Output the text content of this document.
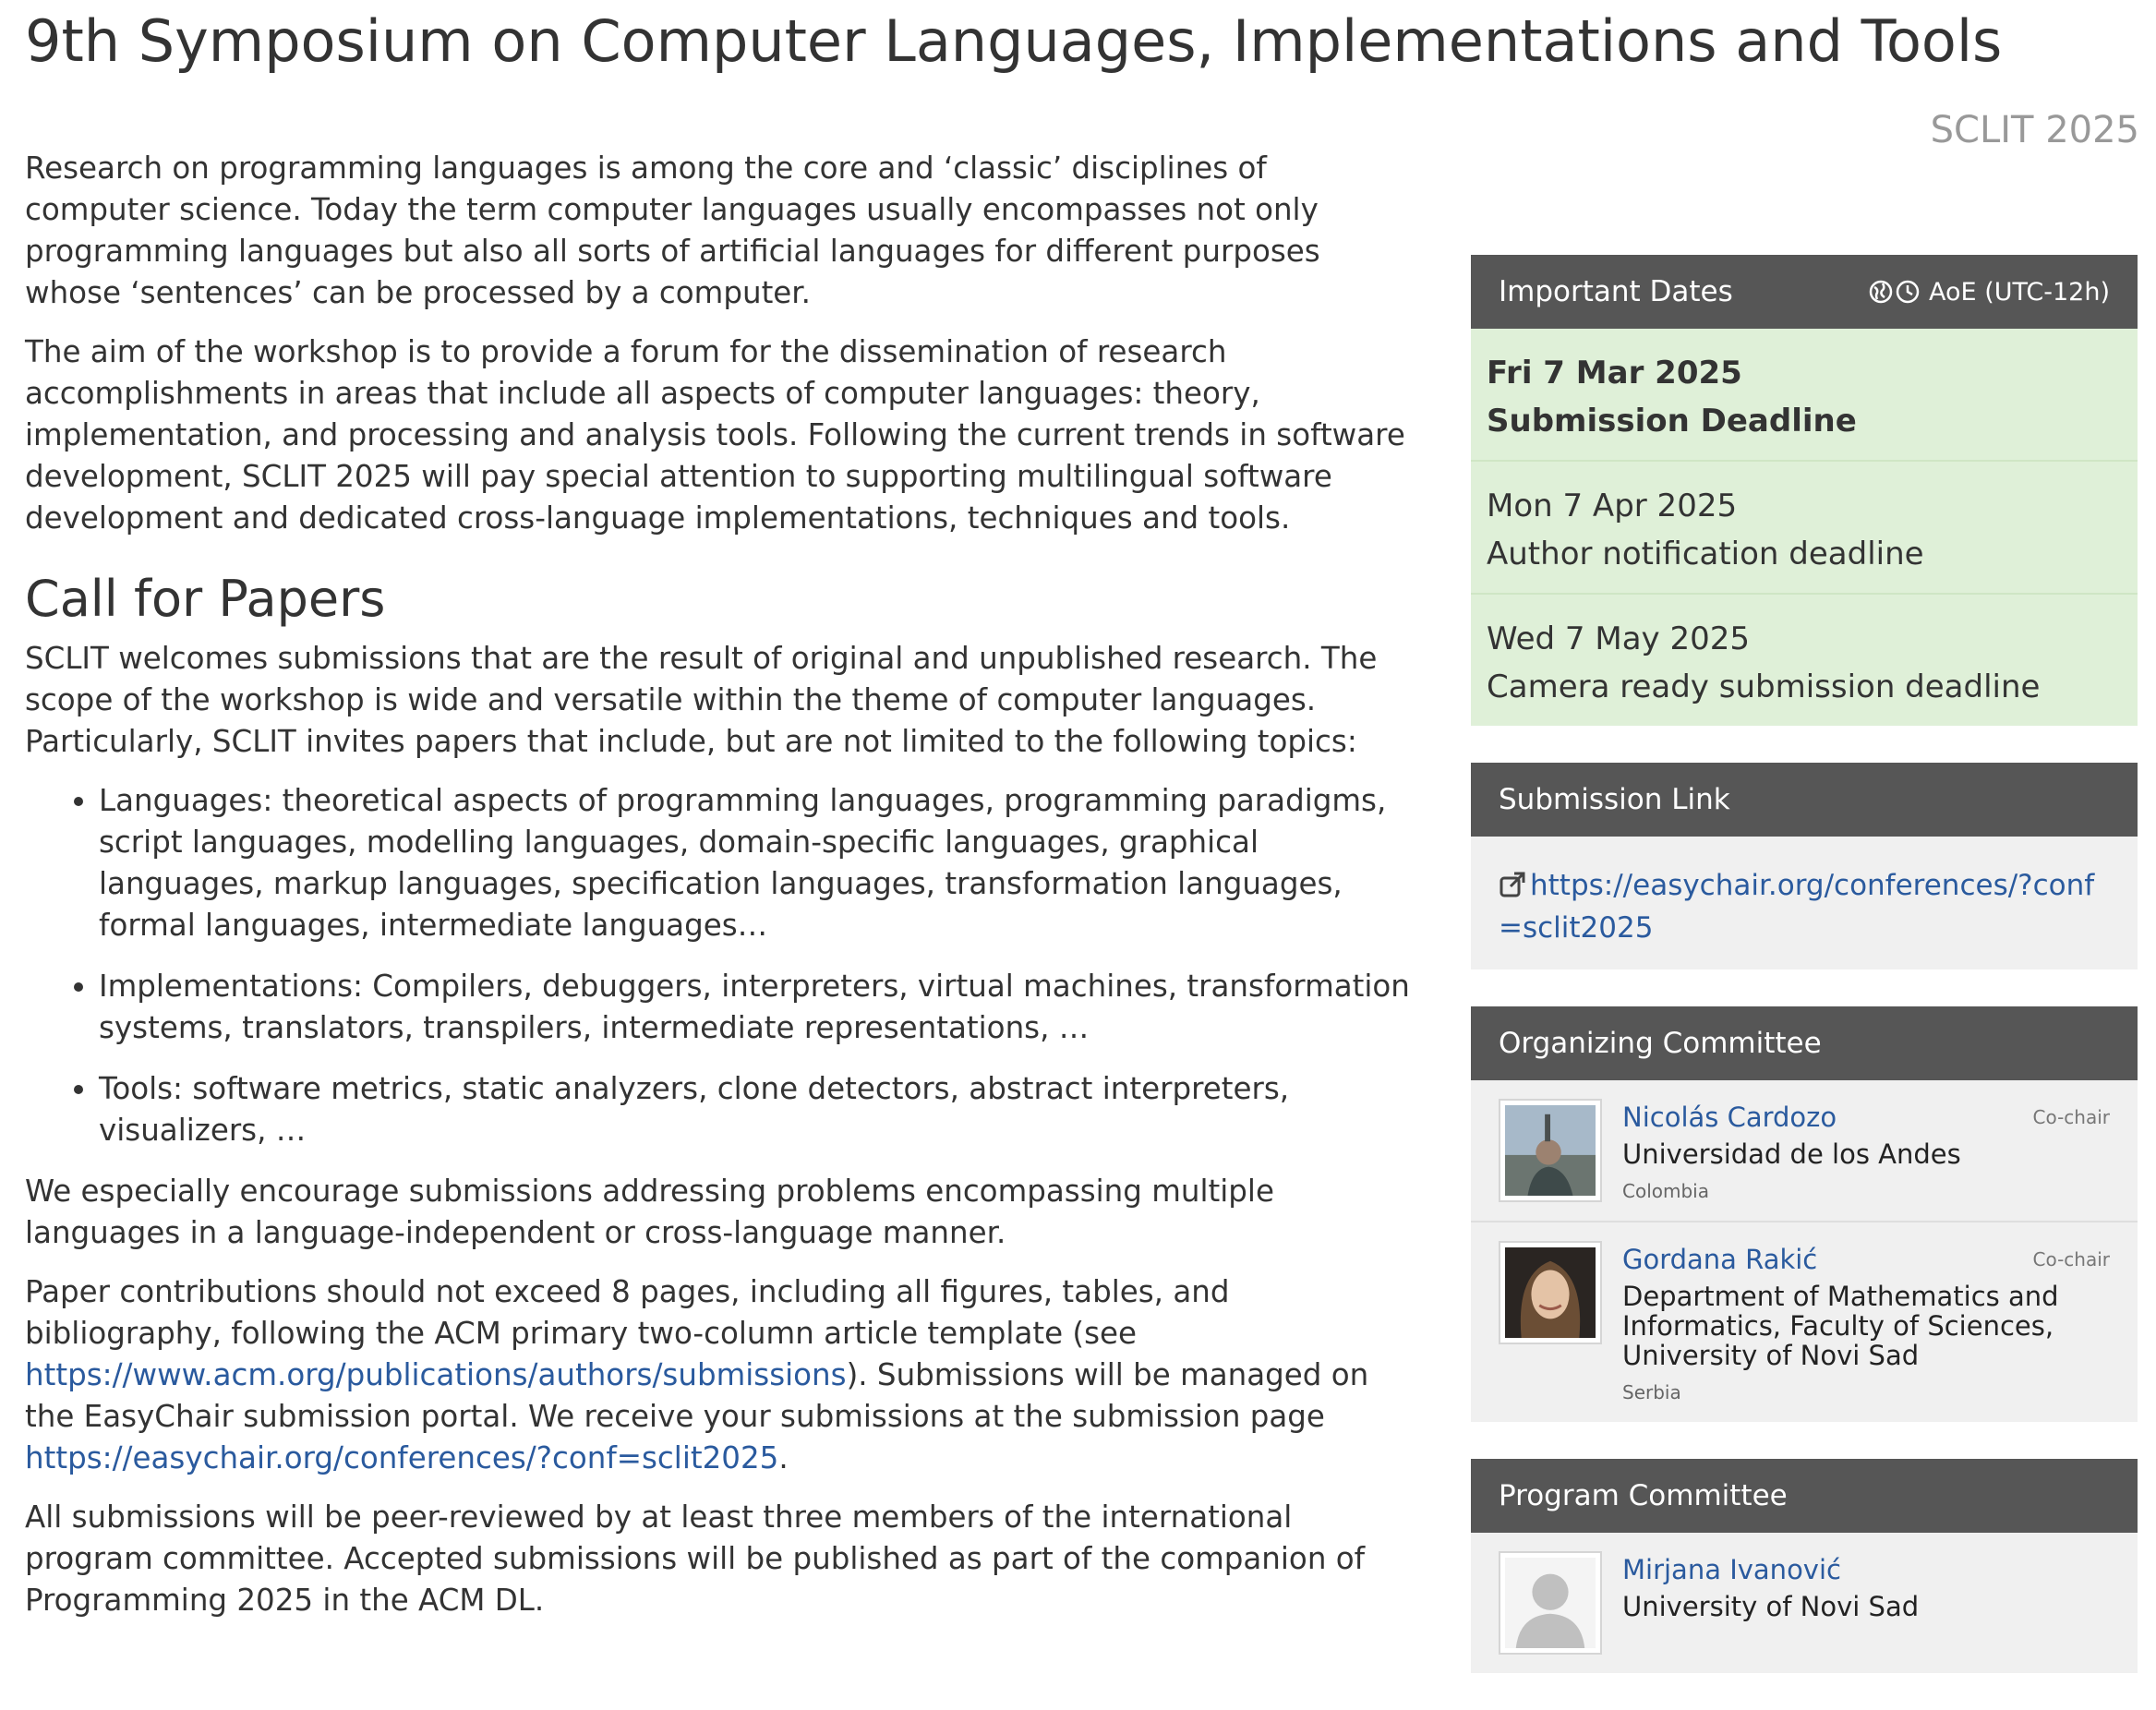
9th Symposium on Computer Languages, Implementations and Tools
SCLIT 2025

Research on programming languages is among the core and ‘classic’ disciplines of computer science. Today the term computer languages usually encompasses not only programming languages but also all sorts of artificial languages for different purposes whose ‘sentences’ can be processed by a computer.

The aim of the workshop is to provide a forum for the dissemination of research accomplishments in areas that include all aspects of computer languages: theory, implementation, and processing and analysis tools. Following the current trends in software development, SCLIT 2025 will pay special attention to supporting multilingual software development and dedicated cross-language implementations, techniques and tools.

Call for Papers

SCLIT welcomes submissions that are the result of original and unpublished research. The scope of the workshop is wide and versatile within the theme of computer languages. Particularly, SCLIT invites papers that include, but are not limited to the following topics:

• Languages: theoretical aspects of programming languages, programming paradigms, script languages, modelling languages, domain-specific languages, graphical languages, markup languages, specification languages, transformation languages, formal languages, intermediate languages…
• Implementations: Compilers, debuggers, interpreters, virtual machines, transformation systems, translators, transpilers, intermediate representations, …
• Tools: software metrics, static analyzers, clone detectors, abstract interpreters, visualizers, …

We especially encourage submissions addressing problems encompassing multiple languages in a language-independent or cross-language manner.

Paper contributions should not exceed 8 pages, including all figures, tables, and bibliography, following the ACM primary two-column article template (see https://www.acm.org/publications/authors/submissions). Submissions will be managed on the EasyChair submission portal. We receive your submissions at the submission page https://easychair.org/conferences/?conf=sclit2025.

All submissions will be peer-reviewed by at least three members of the international program committee. Accepted submissions will be published as part of the companion of Programming 2025 in the ACM DL.

Important Dates	AoE (UTC-12h)
Fri 7 Mar 2025
Submission Deadline
Mon 7 Apr 2025
Author notification deadline
Wed 7 May 2025
Camera ready submission deadline
Submission Link
https://easychair.org/conferences/?conf=sclit2025
Organizing Committee
Nicolás Cardozo
Universidad de los Andes
Colombia
Co-chair
Gordana Rakić
Department of Mathematics and Informatics, Faculty of Sciences, University of Novi Sad
Serbia
Co-chair
Program Committee
Mirjana Ivanović
University of Novi Sad
